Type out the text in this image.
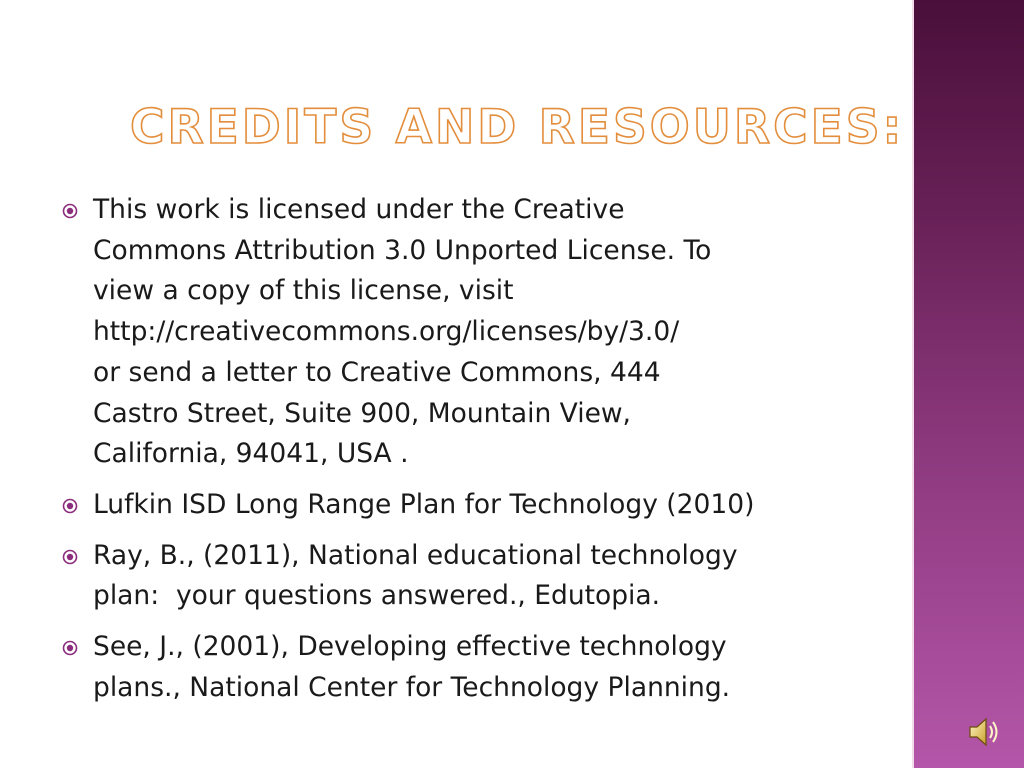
CREDITS AND RESOURCES:
This work is licensed under the Creative
Commons Attribution 3.0 Unported License. To
view a copy of this license, visit
http://creativecommons.org/licenses/by/3.0/
or send a letter to Creative Commons, 444
Castro Street, Suite 900, Mountain View,
California, 94041, USA .
Lufkin ISD Long Range Plan for Technology (2010)
Ray, B., (2011), National educational technology
plan:  your questions answered., Edutopia.
See, J., (2001), Developing effective technology
plans., National Center for Technology Planning.
